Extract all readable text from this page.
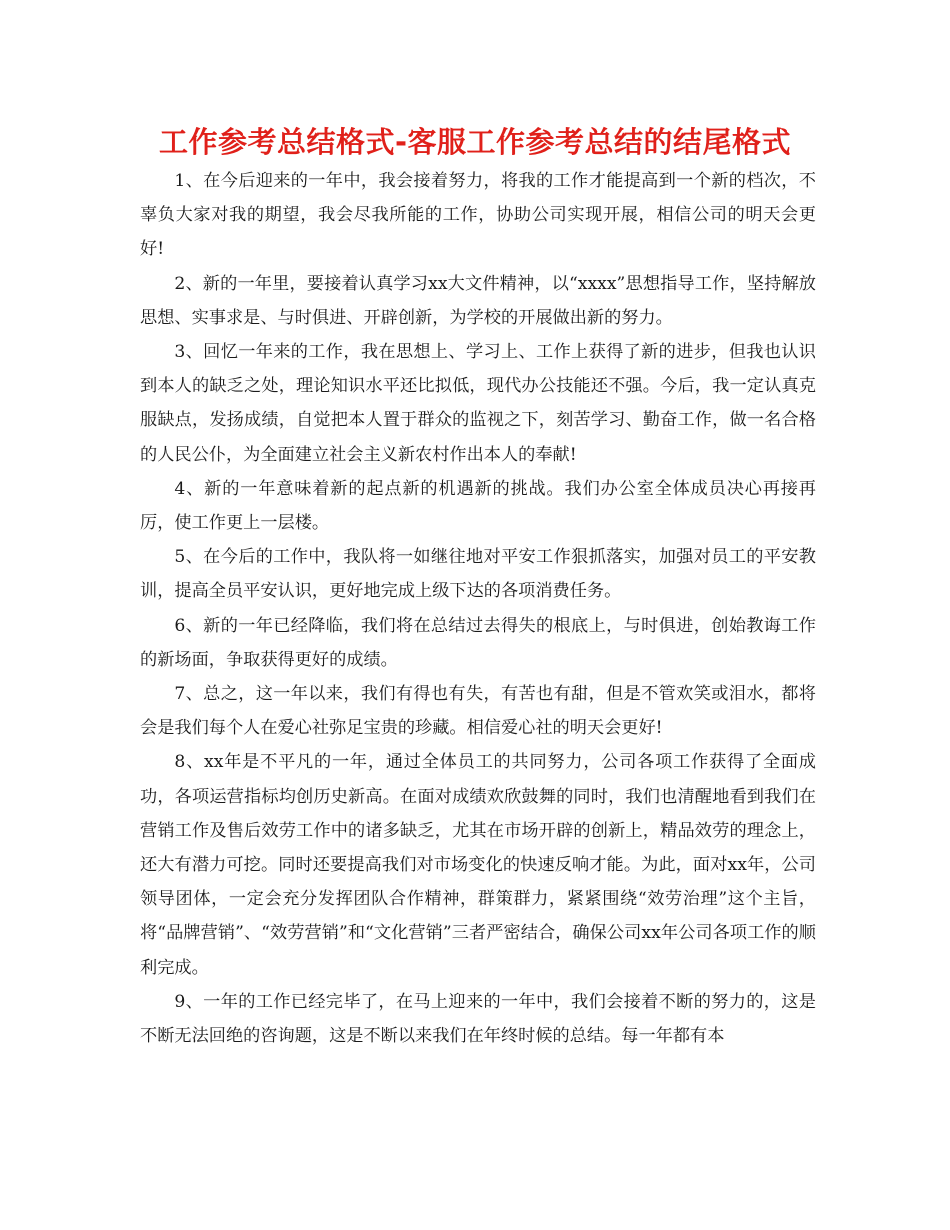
工作参考总结格式-客服工作参考总结的结尾格式

1、在今后迎来的一年中，我会接着努力，将我的工作才能提高到一个新的档次，不辜负大家对我的期望，我会尽我所能的工作，协助公司实现开展，相信公司的明天会更好!

2、新的一年里，要接着认真学习xx大文件精神，以“xxxx”思想指导工作，坚持解放思想、实事求是、与时俱进、开辟创新，为学校的开展做出新的努力。

3、回忆一年来的工作，我在思想上、学习上、工作上获得了新的进步，但我也认识到本人的缺乏之处，理论知识水平还比拟低，现代办公技能还不强。今后，我一定认真克服缺点，发扬成绩，自觉把本人置于群众的监视之下，刻苦学习、勤奋工作，做一名合格的人民公仆，为全面建立社会主义新农村作出本人的奉献!

4、新的一年意味着新的起点新的机遇新的挑战。我们办公室全体成员决心再接再厉，使工作更上一层楼。

5、在今后的工作中，我队将一如继往地对平安工作狠抓落实，加强对员工的平安教训，提高全员平安认识，更好地完成上级下达的各项消费任务。

6、新的一年已经降临，我们将在总结过去得失的根底上，与时俱进，创始教诲工作的新场面，争取获得更好的成绩。

7、总之，这一年以来，我们有得也有失，有苦也有甜，但是不管欢笑或泪水，都将会是我们每个人在爱心社弥足宝贵的珍藏。相信爱心社的明天会更好!

8、xx年是不平凡的一年，通过全体员工的共同努力，公司各项工作获得了全面成功，各项运营指标均创历史新高。在面对成绩欢欣鼓舞的同时，我们也清醒地看到我们在营销工作及售后效劳工作中的诸多缺乏，尤其在市场开辟的创新上，精品效劳的理念上，还大有潜力可挖。同时还要提高我们对市场变化的快速反响才能。为此，面对xx年，公司领导团体，一定会充分发挥团队合作精神，群策群力，紧紧围绕“效劳治理”这个主旨，将“品牌营销”、“效劳营销”和“文化营销”三者严密结合，确保公司xx年公司各项工作的顺利完成。

9、一年的工作已经完毕了，在马上迎来的一年中，我们会接着不断的努力的，这是不断无法回绝的咨询题，这是不断以来我们在年终时候的总结。每一年都有本
